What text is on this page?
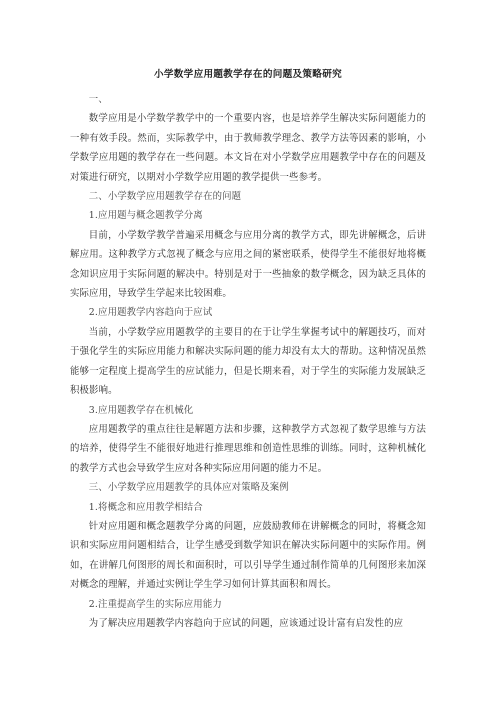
小学数学应用题教学存在的问题及策略研究
一、

数学应用是小学数学教学中的一个重要内容，也是培养学生解决实际问题能力的一种有效手段。然而，实际教学中，由于教师教学理念、教学方法等因素的影响，小学数学应用题的教学存在一些问题。本文旨在对小学数学应用题教学中存在的问题及对策进行研究，以期对小学数学应用题的教学提供一些参考。

二、小学数学应用题教学存在的问题
1.应用题与概念题教学分离

目前，小学数学教学普遍采用概念与应用分离的教学方式，即先讲解概念，后讲解应用。这种教学方式忽视了概念与应用之间的紧密联系，使得学生不能很好地将概念知识应用于实际问题的解决中。特别是对于一些抽象的数学概念，因为缺乏具体的实际应用，导致学生学起来比较困难。

2.应用题教学内容趋向于应试

当前，小学数学应用题教学的主要目的在于让学生掌握考试中的解题技巧，而对于强化学生的实际应用能力和解决实际问题的能力却没有太大的帮助。这种情况虽然能够一定程度上提高学生的应试能力，但是长期来看，对于学生的实际能力发展缺乏积极影响。

3.应用题教学存在机械化

应用题教学的重点往往是解题方法和步骤，这种教学方式忽视了数学思维与方法的培养，使得学生不能很好地进行推理思维和创造性思维的训练。同时，这种机械化的教学方式也会导致学生应对各种实际应用问题的能力不足。

三、小学数学应用题教学的具体应对策略及案例
1.将概念和应用教学相结合

针对应用题和概念题教学分离的问题，应鼓励教师在讲解概念的同时，将概念知识和实际应用问题相结合，让学生感受到数学知识在解决实际问题中的实际作用。例如，在讲解几何图形的周长和面积时，可以引导学生通过制作简单的几何图形来加深对概念的理解，并通过实例让学生学习如何计算其面积和周长。

2.注重提高学生的实际应用能力

为了解决应用题教学内容趋向于应试的问题，应该通过设计富有启发性的应
